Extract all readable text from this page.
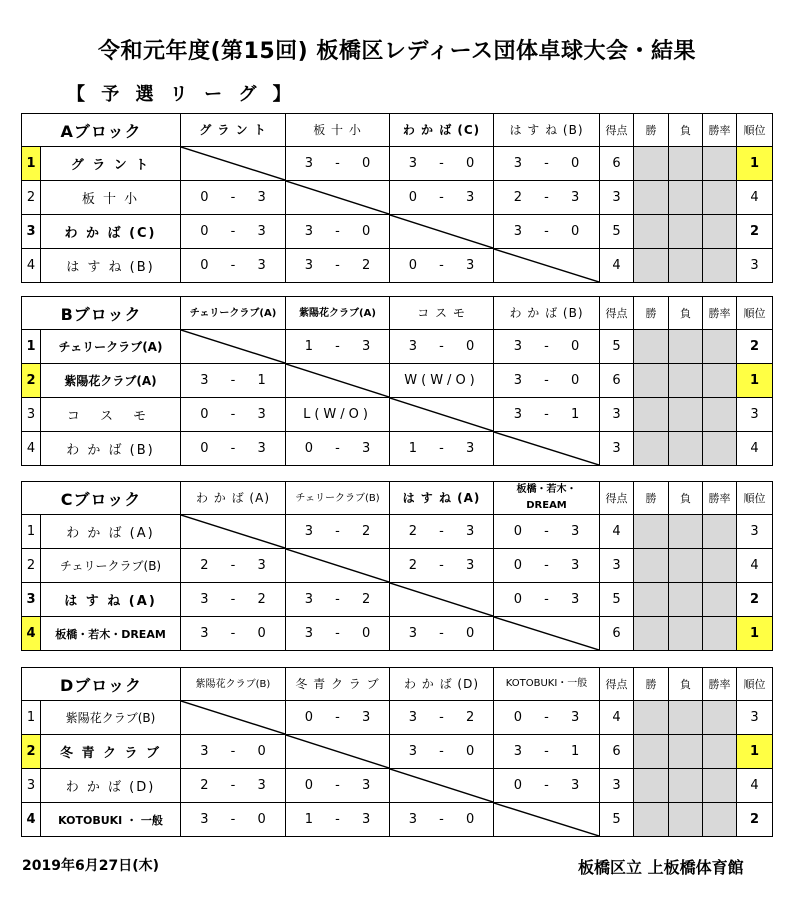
令和元年度(第15回) 板橋区レディース団体卓球大会・結果
【 予 選 リ ー グ 】
Aブロック		グ ラ ン ト	板 十 小	わ か ば (C)	は す ね (B)	得点	勝	負	勝率	順位
1	グ ラ ン ト		3 - 0	3 - 0	3 - 0	6				1
2	板 十 小	0 - 3		0 - 3	2 - 3	3				4
3	わ か ば (C)	0 - 3	3 - 0		3 - 0	5				2
4	は す ね (B)	0 - 3	3 - 2	0 - 3		4				3
Bブロック		チェリークラブ(A)	紫陽花クラブ(A)	コ ス モ	わ か ば (B)	得点	勝	負	勝率	順位
1	チェリークラブ(A)		1 - 3	3 - 0	3 - 0	5				2
2	紫陽花クラブ(A)	3 - 1		W(W/O)	3 - 0	6				1
3	コ ス モ	0 - 3	L(W/O)		3 - 1	3				3
4	わ か ば (B)	0 - 3	0 - 3	1 - 3		3				4
Cブロック		わ か ば (A)	チェリークラブ(B)	は す ね (A)	板橋・若木・DREAM	得点	勝	負	勝率	順位
1	わ か ば (A)		3 - 2	2 - 3	0 - 3	4				3
2	チェリークラブ(B)	2 - 3		2 - 3	0 - 3	3				4
3	は す ね (A)	3 - 2	3 - 2		0 - 3	5				2
4	板橋・若木・DREAM	3 - 0	3 - 0	3 - 0		6				1
Dブロック		紫陽花クラブ(B)	冬 青 ク ラ ブ	わ か ば (D)	KOTOBUKI・一般	得点	勝	負	勝率	順位
1	紫陽花クラブ(B)		0 - 3	3 - 2	0 - 3	4				3
2	冬 青 ク ラ ブ	3 - 0		3 - 0	3 - 1	6				1
3	わ か ば (D)	2 - 3	0 - 3		0 - 3	3				4
4	KOTOBUKI ・ 一般	3 - 0	1 - 3	3 - 0		5				2
2019年6月27日(木)	板橋区立 上板橋体育館
